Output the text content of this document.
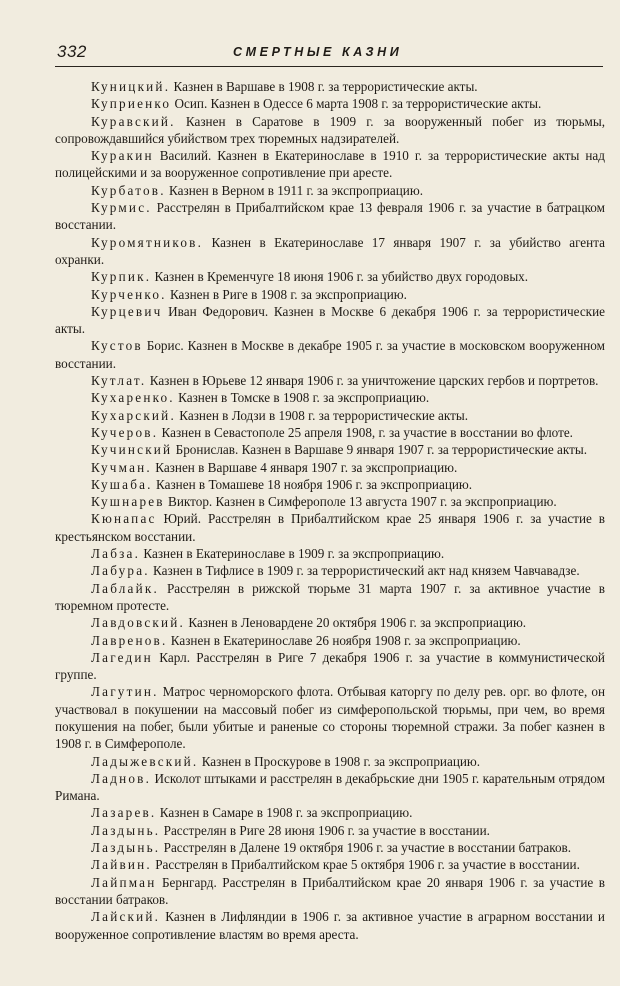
332	СМЕРТНЫЕ КАЗНИ

Куницкий. Казнен в Варшаве в 1908 г. за террористические акты.

Куприенко Осип. Казнен в Одессе 6 марта 1908 г. за террористические акты.

Куравский. Казнен в Саратове в 1909 г. за вооруженный побег из тюрьмы, сопровождавшийся убийством трех тюремных надзирателей.

Куракин Василий. Казнен в Екатеринославе в 1910 г. за террористические акты над полицейскими и за вооруженное сопротивление при аресте.

Курбатов. Казнен в Верном в 1911 г. за экспроприацию.

Курмис. Расстрелян в Прибалтийском крае 13 февраля 1906 г. за участие в батрацком восстании.

Куромятников. Казнен в Екатеринославе 17 января 1907 г. за убийство агента охранки.

Курпик. Казнен в Кременчуге 18 июня 1906 г. за убийство двух городовых.

Курченко. Казнен в Риге в 1908 г. за экспроприацию.

Курцевич Иван Федорович. Казнен в Москве 6 декабря 1906 г. за террористические акты.

Кустов Борис. Казнен в Москве в декабре 1905 г. за участие в московском вооруженном восстании.

Кутлат. Казнен в Юрьеве 12 января 1906 г. за уничтожение царских гербов и портретов.

Кухаренко. Казнен в Томске в 1908 г. за экспроприацию.

Кухарский. Казнен в Лодзи в 1908 г. за террористические акты.

Кучеров. Казнен в Севастополе 25 апреля 1908, г. за участие в восстании во флоте.

Кучинский Бронислав. Казнен в Варшаве 9 января 1907 г. за террористические акты.

Кучман. Казнен в Варшаве 4 января 1907 г. за экспроприацию.

Кушаба. Казнен в Томашеве 18 ноября 1906 г. за экспроприацию.

Кушнарев Виктор. Казнен в Симферополе 13 августа 1907 г. за экспроприацию.

Кюнапас Юрий. Расстрелян в Прибалтийском крае 25 января 1906 г. за участие в крестьянском восстании.

Лабза. Казнен в Екатеринославе в 1909 г. за экспроприацию.

Лабура. Казнен в Тифлисе в 1909 г. за террористический акт над князем Чавчавадзе.

Лаблайк. Расстрелян в рижской тюрьме 31 марта 1907 г. за активное участие в тюремном протесте.

Лавдовский. Казнен в Леновардене 20 октября 1906 г. за экспроприацию.

Лавренов. Казнен в Екатеринославе 26 ноября 1908 г. за экспроприацию.

Лагедин Карл. Расстрелян в Риге 7 декабря 1906 г. за участие в коммунистической группе.

Лагутин. Матрос черноморского флота. Отбывая каторгу по делу рев. орг. во флоте, он участвовал в покушении на массовый побег из симферопольской тюрьмы, при чем, во время покушения на побег, были убитые и раненые со стороны тюремной стражи. За побег казнен в 1908 г. в Симферополе.

Ладыжевский. Казнен в Проскурове в 1908 г. за экспроприацию.

Ладнов. Исколот штыками и расстрелян в декабрьские дни 1905 г. карательным отрядом Римана.

Лазарев. Казнен в Самаре в 1908 г. за экспроприацию.

Лаздынь. Расстрелян в Риге 28 июня 1906 г. за участие в восстании.

Лаздынь. Расстрелян в Далене 19 октября 1906 г. за участие в восстании батраков.

Лайвин. Расстрелян в Прибалтийском крае 5 октября 1906 г. за участие в восстании.

Лайпман Бернгард. Расстрелян в Прибалтийском крае 20 января 1906 г. за участие в восстании батраков.

Лайский. Казнен в Лифляндии в 1906 г. за активное участие в аграрном восстании и вооруженное сопротивление властям во время ареста.
